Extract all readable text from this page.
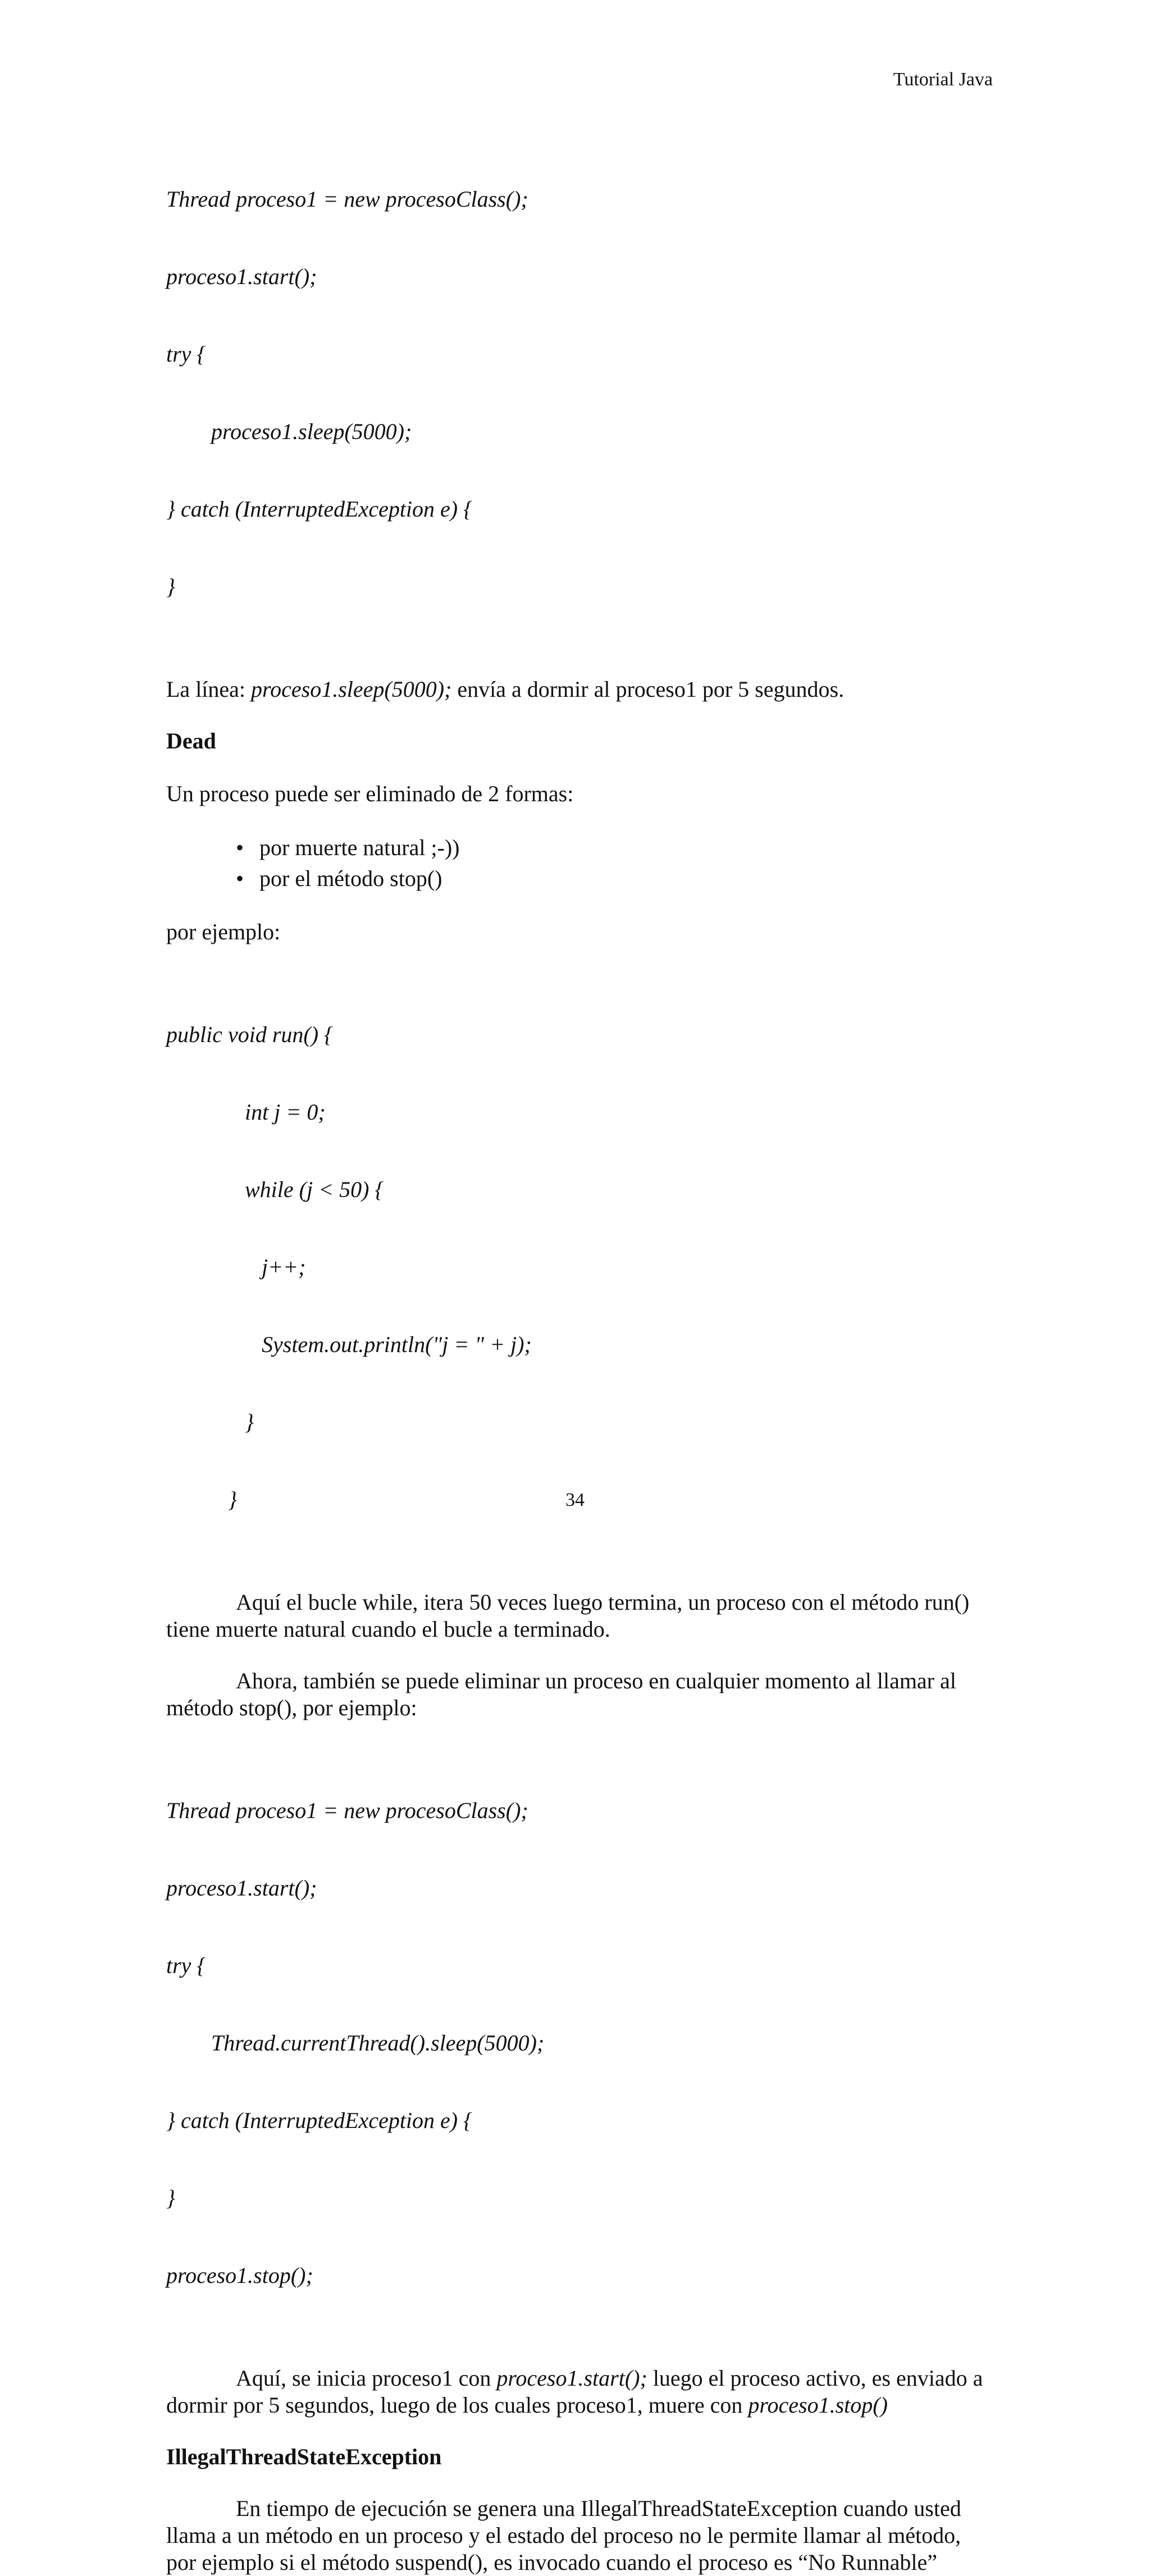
Tutorial Java

Thread proceso1 = new procesoClass();

proceso1.start();

try {

proceso1.sleep(5000);

} catch (InterruptedException e) {

}

La línea: proceso1.sleep(5000); envía a dormir al proceso1 por 5 segundos.

Dead

Un proceso puede ser eliminado de 2 formas:

• por muerte natural ;-))
• por el método stop()

por ejemplo:

public void run() {

int j = 0;

while (j < 50) {

j++;

System.out.println("j = " + j);

}

}

Aquí el bucle while, itera 50 veces luego termina, un proceso con el método run() tiene muerte natural cuando el bucle a terminado.

Ahora, también se puede eliminar un proceso en cualquier momento al llamar al método stop(), por ejemplo:

Thread proceso1 = new procesoClass();

proceso1.start();

try {

Thread.currentThread().sleep(5000);

} catch (InterruptedException e) {

}

proceso1.stop();

Aquí, se inicia proceso1 con proceso1.start(); luego el proceso activo, es enviado a dormir por 5 segundos, luego de los cuales proceso1, muere con proceso1.stop()

IllegalThreadStateException

En tiempo de ejecución se genera una IllegalThreadStateException cuando usted llama a un método en un proceso y el estado del proceso no le permite llamar al método, por ejemplo si el método suspend(), es invocado cuando el proceso es “No Runnable”

34
